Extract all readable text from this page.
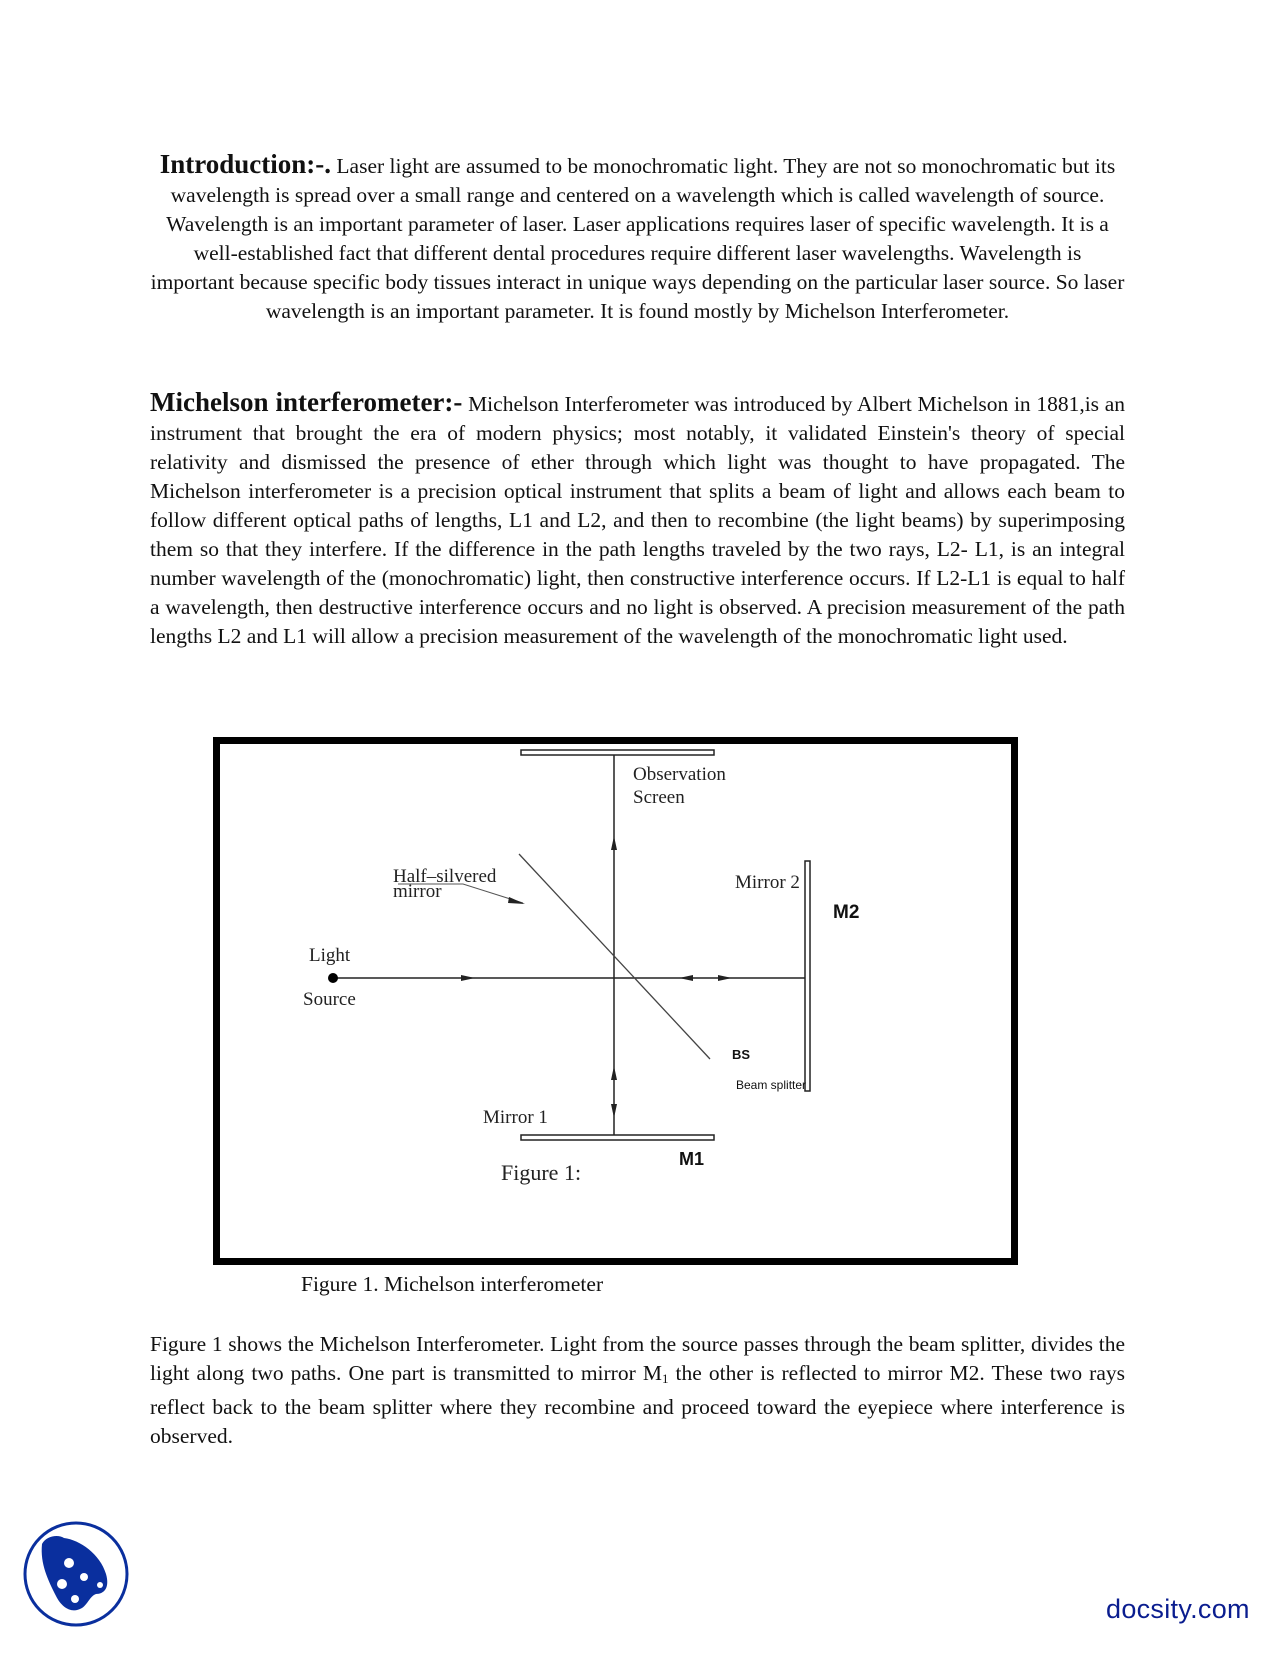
Introduction:-. Laser light are assumed to be monochromatic light. They are not so monochromatic but its wavelength is spread over a small range and centered on a wavelength which is called wavelength of source. Wavelength is an important parameter of laser. Laser applications requires laser of specific wavelength. It is a well-established fact that different dental procedures require different laser wavelengths. Wavelength is important because specific body tissues interact in unique ways depending on the particular laser source. So laser wavelength is an important parameter. It is found mostly by Michelson Interferometer.

Michelson interferometer:- Michelson Interferometer was introduced by Albert Michelson in 1881,is an instrument that brought the era of modern physics; most notably, it validated Einstein's theory of special relativity and dismissed the presence of ether through which light was thought to have propagated. The Michelson interferometer is a precision optical instrument that splits a beam of light and allows each beam to follow different optical paths of lengths, L1 and L2, and then to recombine (the light beams) by superimposing them so that they interfere. If the difference in the path lengths traveled by the two rays, L2- L1, is an integral number wavelength of the (monochromatic) light, then constructive interference occurs. If L2-L1 is equal to half a wavelength, then destructive interference occurs and no light is observed. A precision measurement of the path lengths L2 and L1 will allow a precision measurement of the wavelength of the monochromatic light used.

Observation
Screen
Half–silvered
mirror	Mirror 2
M2
Light
Source
BS
Beam splitter
Mirror 1
M1
Figure 1:
Figure 1. Michelson interferometer

Figure 1 shows the Michelson Interferometer. Light from the source passes through the beam splitter, divides the light along two paths. One part is transmitted to mirror $M_1$ the other is reflected to mirror M2. These two rays reflect back to the beam splitter where they recombine and proceed toward the eyepiece where interference is observed.

docsity.com
